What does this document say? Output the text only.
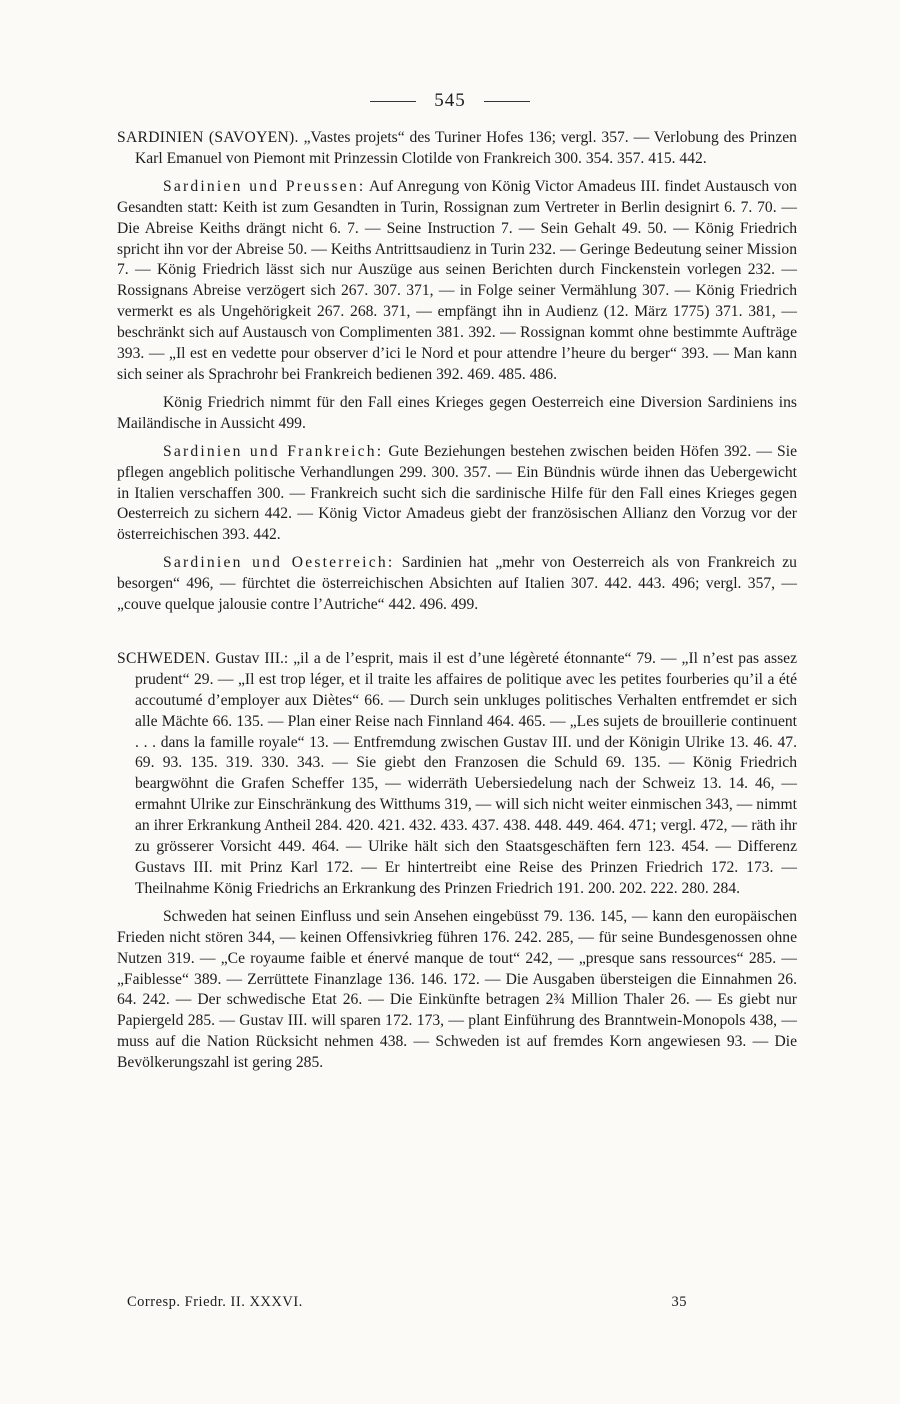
545

SARDINIEN (SAVOYEN). „Vastes projets“ des Turiner Hofes 136; vergl. 357. — Verlobung des Prinzen Karl Emanuel von Piemont mit Prinzessin Clotilde von Frankreich 300. 354. 357. 415. 442.

Sardinien und Preussen: Auf Anregung von König Victor Amadeus III. findet Austausch von Gesandten statt: Keith ist zum Gesandten in Turin, Rossignan zum Vertreter in Berlin designirt 6. 7. 70. — Die Abreise Keiths drängt nicht 6. 7. — Seine Instruction 7. — Sein Gehalt 49. 50. — König Friedrich spricht ihn vor der Abreise 50. — Keiths Antrittsaudienz in Turin 232. — Geringe Bedeutung seiner Mission 7. — König Friedrich lässt sich nur Auszüge aus seinen Berichten durch Finckenstein vorlegen 232. — Rossignans Abreise verzögert sich 267. 307. 371, — in Folge seiner Vermählung 307. — König Friedrich vermerkt es als Ungehörigkeit 267. 268. 371, — empfängt ihn in Audienz (12. März 1775) 371. 381, — beschränkt sich auf Austausch von Complimenten 381. 392. — Rossignan kommt ohne bestimmte Aufträge 393. — „Il est en vedette pour observer d’ici le Nord et pour attendre l’heure du berger“ 393. — Man kann sich seiner als Sprachrohr bei Frankreich bedienen 392. 469. 485. 486.

König Friedrich nimmt für den Fall eines Krieges gegen Oesterreich eine Diversion Sardiniens ins Mailändische in Aussicht 499.

Sardinien und Frankreich: Gute Beziehungen bestehen zwischen beiden Höfen 392. — Sie pflegen angeblich politische Verhandlungen 299. 300. 357. — Ein Bündnis würde ihnen das Uebergewicht in Italien verschaffen 300. — Frankreich sucht sich die sardinische Hilfe für den Fall eines Krieges gegen Oesterreich zu sichern 442. — König Victor Amadeus giebt der französischen Allianz den Vorzug vor der österreichischen 393. 442.

Sardinien und Oesterreich: Sardinien hat „mehr von Oesterreich als von Frankreich zu besorgen“ 496, — fürchtet die österreichischen Absichten auf Italien 307. 442. 443. 496; vergl. 357, — „couve quelque jalousie contre l’Autriche“ 442. 496. 499.

SCHWEDEN. Gustav III.: „il a de l’esprit, mais il est d’une légèreté étonnante“ 79. — „Il n’est pas assez prudent“ 29. — „Il est trop léger, et il traite les affaires de politique avec les petites fourberies qu’il a été accoutumé d’employer aux Diètes“ 66. — Durch sein unkluges politisches Verhalten entfremdet er sich alle Mächte 66. 135. — Plan einer Reise nach Finnland 464. 465. — „Les sujets de brouillerie continuent . . . dans la famille royale“ 13. — Entfremdung zwischen Gustav III. und der Königin Ulrike 13. 46. 47. 69. 93. 135. 319. 330. 343. — Sie giebt den Franzosen die Schuld 69. 135. — König Friedrich beargwöhnt die Grafen Scheffer 135, — widerräth Uebersiedelung nach der Schweiz 13. 14. 46, — ermahnt Ulrike zur Einschränkung des Witthums 319, — will sich nicht weiter einmischen 343, — nimmt an ihrer Erkrankung Antheil 284. 420. 421. 432. 433. 437. 438. 448. 449. 464. 471; vergl. 472, — räth ihr zu grösserer Vorsicht 449. 464. — Ulrike hält sich den Staatsgeschäften fern 123. 454. — Differenz Gustavs III. mit Prinz Karl 172. — Er hintertreibt eine Reise des Prinzen Friedrich 172. 173. — Theilnahme König Friedrichs an Erkrankung des Prinzen Friedrich 191. 200. 202. 222. 280. 284.

Schweden hat seinen Einfluss und sein Ansehen eingebüsst 79. 136. 145, — kann den europäischen Frieden nicht stören 344, — keinen Offensivkrieg führen 176. 242. 285, — für seine Bundesgenossen ohne Nutzen 319. — „Ce royaume faible et énervé manque de tout“ 242, — „presque sans ressources“ 285. — „Faiblesse“ 389. — Zerrüttete Finanzlage 136. 146. 172. — Die Ausgaben übersteigen die Einnahmen 26. 64. 242. — Der schwedische Etat 26. — Die Einkünfte betragen 2¾ Million Thaler 26. — Es giebt nur Papiergeld 285. — Gustav III. will sparen 172. 173, — plant Einführung des Branntwein-Monopols 438, — muss auf die Nation Rücksicht nehmen 438. — Schweden ist auf fremdes Korn angewiesen 93. — Die Bevölkerungszahl ist gering 285.

Corresp. Friedr. II. XXXVI.	35
